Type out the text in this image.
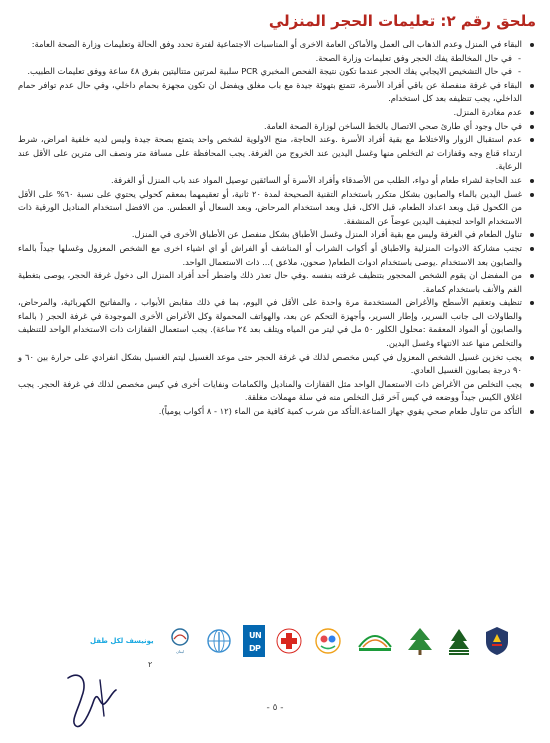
ملحق رقم ٢: تعليمات الحجر المنزلي
البقاء في المنزل وعدم الذهاب الى العمل والأماكن العامة الاخرى أو المناسبات الاجتماعية لفترة تحدد وفق الحالة وتعليمات وزارة الصحة العامة:
- في حال المخالطة يفك الحجر وفق تعليمات وزارة الصحة.
- في حال التشخيص الايجابي يفك الحجر عندما تكون نتيجة الفحص المخبري PCR سلبية لمرتين متتاليتين بفرق ٤٨ ساعة ووفق تعليمات الطبيب.
البقاء في غرفة منفصلة عن باقي أفراد الأسرة، تتمتع بتهوئة جيدة مع باب مغلق ويفضل ان تكون مجهزة بحمام داخلي، وفي حال عدم توافر حمام الداخلي، يجب تنظيفه بعد كل استخدام.
عدم مغادرة المنزل.
في حال وجود أي طارئ صحي الاتصال بالخط الساخن لوزارة الصحة العامة.
عدم استقبال الزوار والاختلاط مع بقية أفراد الأسرة .وعند الحاجة، منح الاولوية لشخص واحد يتمتع بصحة جيدة وليس لديه خلفية امراض، شرط ارتداء قناع وجه وقفازات ثم التخلص منها وغسل اليدين عند الخروج من الغرفة. يجب المحافظة على مسافة متر ونصف الى مترين على الأقل عند الرعاية.
عند الحاجة لشراء طعام أو دواء، الطلب من الأصدقاء وأفراد الأسرة أو السائقين توصيل المواد عند باب المنزل أو الغرفة.
غسل اليدين بالماء والصابون بشكل متكرر باستخدام التقنية الصحيحة لمدة ٢٠ ثانية، أو تعقيمهما بمعقم كحولي يحتوي على نسبة ٦٠% على الأقل من الكحول قبل وبعد اعداد الطعام، قبل الاكل، قبل وبعد استخدام المرحاض، وبعد السعال أو العطس. من الافضل استخدام المناديل الورقية ذات الاستخدام الواحد لتجفيف اليدين عوضاً عن المنشفة.
تناول الطعام في الغرفة وليس مع بقية أفراد المنزل وغسل الأطباق بشكل منفصل عن الأطباق الأخرى في المنزل.
تجنب مشاركة الادوات المنزلية والاطباق أو أكواب الشراب أو المناشف أو الفراش أو اي اشياء اخرى مع الشخص المعزول وغسلها جيداً بالماء والصابون بعد الاستخدام .يوصى باستخدام ادوات الطعام( صحون، ملاعق )... ذات الاستعمال الواحد.
من المفضل ان يقوم الشخص المحجور بتنظيف غرفته بنفسه .وفي حال تعذر ذلك واضطر أحد أفراد المنزل الى دخول غرفة الحجر، يوصى بتغطية الفم والأنف باستخدام كمامة.
تنظيف وتعقيم الأسطح والأغراض المستخدمة مرة واحدة على الأقل في اليوم، بما في ذلك مقابض الأبواب ، والمفاتيح الكهربائية، والمرحاض، والطاولات الى جانب السرير، وإطار السرير، وأجهزة التحكم عن بعد، والهواتف المحمولة وكل الأغراض الأخرى الموجودة في غرفة الحجر ( بالماء والصابون أو المواد المعقمة :محلول الكلور ٥٠ مل في ليتر من المياه ويتلف بعد ٢٤ ساعة). يجب استعمال القفازات ذات الاستخدام الواحد للتنظيف والتخلص منها عند الانتهاء وغسل اليدين.
يجب تخزين غسيل الشخص المعزول في كيس مخصص لذلك في غرفة الحجر حتى موعد الغسيل ليتم الغسيل بشكل انفرادي على حرارة بين ٦٠ و ٩٠ درجة بصابون الغسيل العادي.
يجب التخلص من الأغراض ذات الاستعمال الواحد مثل القفازات والمناديل والكمامات ونفايات أخرى في كيس مخصص لذلك في غرفة الحجر. يجب اغلاق الكيس جيداً ووضعه في كيس آخر قبل التخلص منه في سلة مهملات مغلقة.
التأكد من تناول طعام صحي يقوي جهاز المناعة.التأكد من شرب كمية كافية من الماء (١٢ - ٨ أكواب يومياً).
يونيسف لكل طفل
لبنان
U N
D P
٢
- ٥ -
